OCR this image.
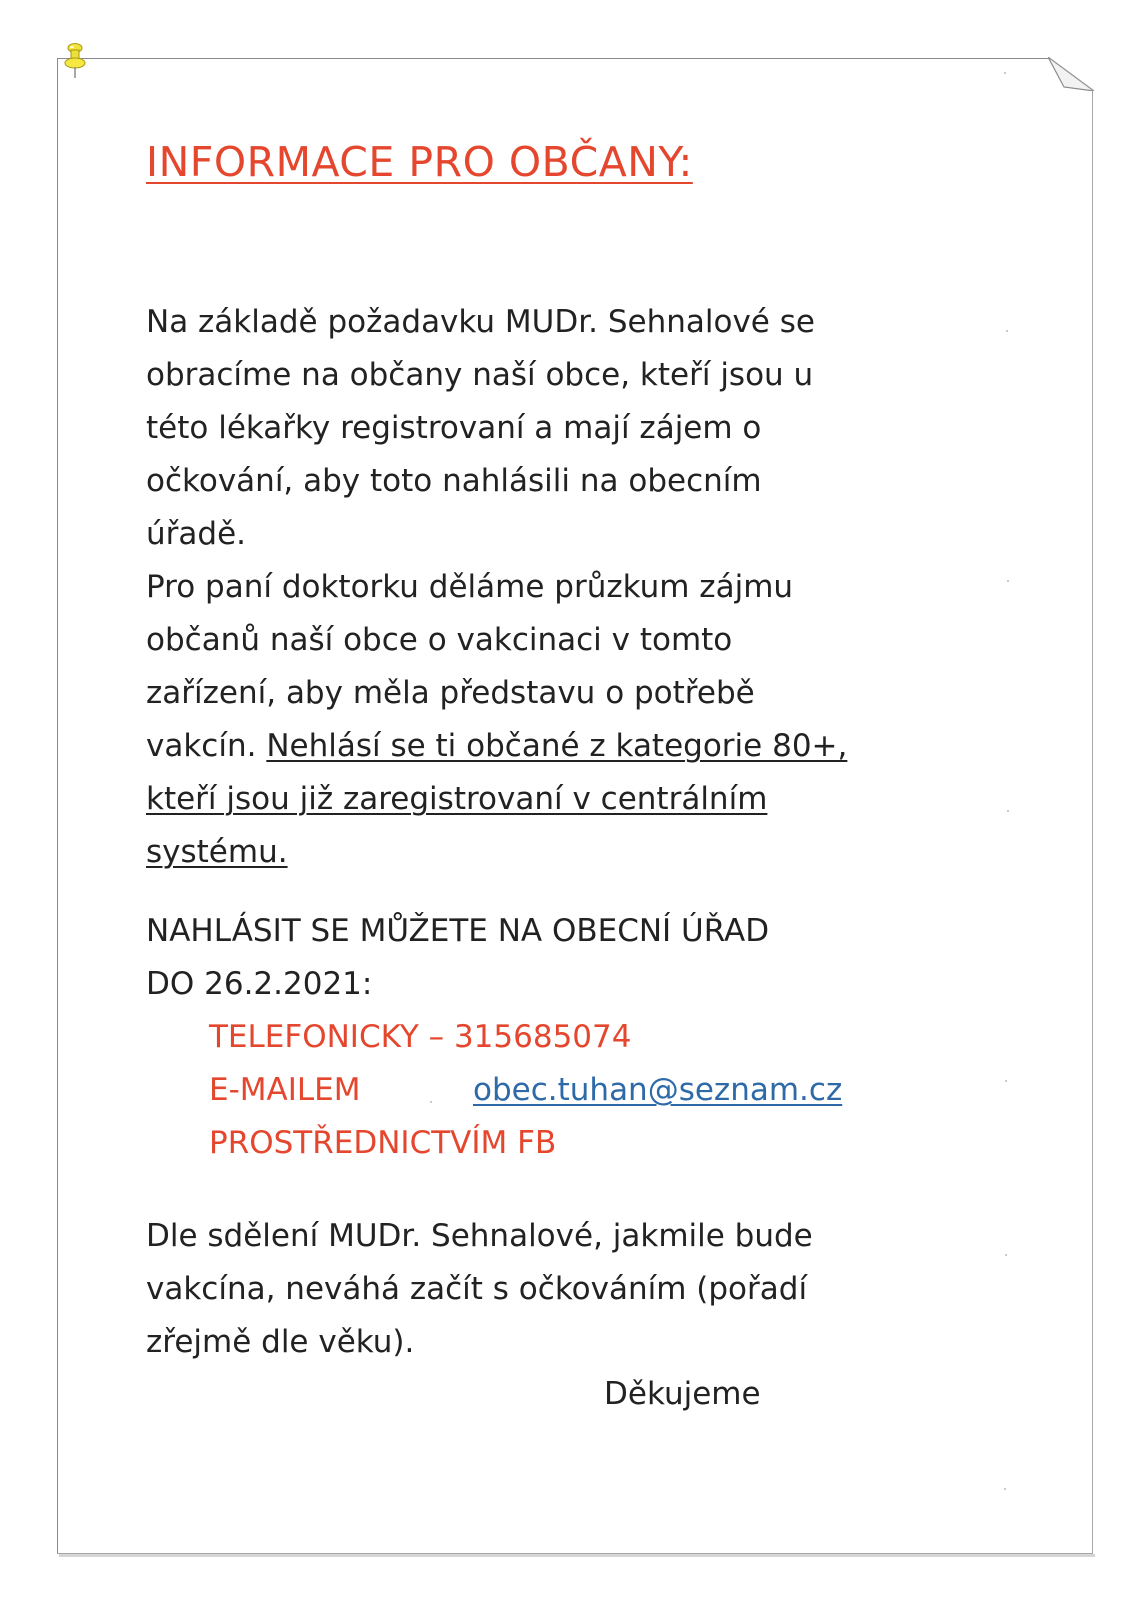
INFORMACE PRO OBČANY:

Na základě požadavku MUDr. Sehnalové se
obracíme na občany naší obce, kteří jsou u
této lékařky registrovaní a mají zájem o
očkování, aby toto nahlásili na obecním
úřadě.
Pro paní doktorku děláme průzkum zájmu
občanů naší obce o vakcinaci v tomto
zařízení, aby měla představu o potřebě
vakcín. Nehlásí se ti občané z kategorie 80+,
kteří jsou již zaregistrovaní v centrálním
systému.

NAHLÁSIT SE MŮŽETE NA OBECNÍ ÚŘAD
DO 26.2.2021:

TELEFONICKY – 315685074
E-MAILEM	obec.tuhan@seznam.cz
PROSTŘEDNICTVÍM FB

Dle sdělení MUDr. Sehnalové, jakmile bude
vakcína, neváhá začít s očkováním (pořadí
zřejmě dle věku).

Děkujeme
